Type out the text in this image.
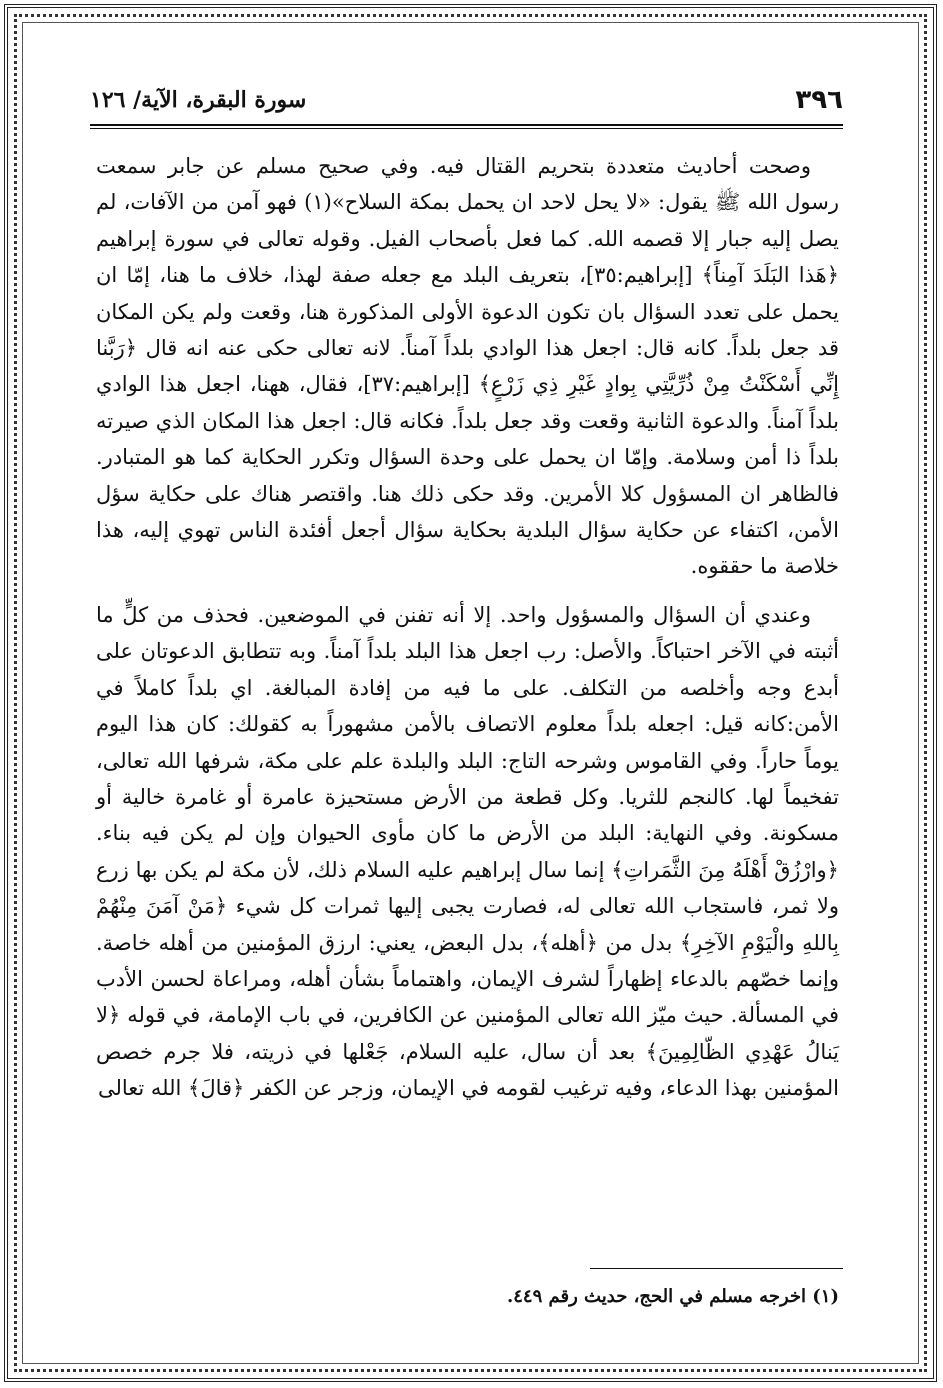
٣٩٦
سورة البقرة، الآية/ ١٢٦

وصحت أحاديث متعددة بتحريم القتال فيه. وفي صحيح مسلم عن جابر سمعت رسول الله ﷺ يقول: «لا يحل لاحد ان يحمل بمكة السلاح»(١) فهو آمن من الآفات، لم يصل إليه جبار إلا قصمه الله. كما فعل بأصحاب الفيل. وقوله تعالى في سورة إبراهيم ﴿هَذا البَلَدَ آمِناً﴾ [إبراهيم:٣٥]، بتعريف البلد مع جعله صفة لهذا، خلاف ما هنا، إمّا ان يحمل على تعدد السؤال بان تكون الدعوة الأولى المذكورة هنا، وقعت ولم يكن المكان قد جعل بلداً. كانه قال: اجعل هذا الوادي بلداً آمناً. لانه تعالى حكى عنه انه قال ﴿رَبَّنا إِنِّي أَسْكَنْتُ مِنْ ذُرِّيَّتِي بِوادٍ غَيْرِ ذِي زَرْعٍ﴾ [إبراهيم:٣٧]، فقال، ههنا، اجعل هذا الوادي بلداً آمناً. والدعوة الثانية وقعت وقد جعل بلداً. فكانه قال: اجعل هذا المكان الذي صيرته بلداً ذا أمن وسلامة. وإمّا ان يحمل على وحدة السؤال وتكرر الحكاية كما هو المتبادر. فالظاهر ان المسؤول كلا الأمرين. وقد حكى ذلك هنا. واقتصر هناك على حكاية سؤل الأمن، اكتفاء عن حكاية سؤال البلدية بحكاية سؤال أجعل أفئدة الناس تهوي إليه، هذا خلاصة ما حققوه.

وعندي أن السؤال والمسؤول واحد. إلا أنه تفنن في الموضعين. فحذف من كلٍّ ما أثبته في الآخر احتباكاً. والأصل: رب اجعل هذا البلد بلداً آمناً. وبه تتطابق الدعوتان على أبدع وجه وأخلصه من التكلف. على ما فيه من إفادة المبالغة. اي بلداً كاملاً في الأمن:كانه قيل: اجعله بلداً معلوم الاتصاف بالأمن مشهوراً به كقولك: كان هذا اليوم يوماً حاراً. وفي القاموس وشرحه التاج: البلد والبلدة علم على مكة، شرفها الله تعالى، تفخيماً لها. كالنجم للثريا. وكل قطعة من الأرض مستحيزة عامرة أو غامرة خالية أو مسكونة. وفي النهاية: البلد من الأرض ما كان مأوى الحيوان وإن لم يكن فيه بناء. ﴿وارْزُقْ أَهْلَهُ مِنَ الثَّمَراتِ﴾ إنما سال إبراهيم عليه السلام ذلك، لأن مكة لم يكن بها زرع ولا ثمر، فاستجاب الله تعالى له، فصارت يجبى إليها ثمرات كل شيء ﴿مَنْ آمَنَ مِنْهُمْ بِاللهِ والْيَوْمِ الآخِرِ﴾ بدل من ﴿أهله﴾، بدل البعض، يعني: ارزق المؤمنين من أهله خاصة. وإنما خصّهم بالدعاء إظهاراً لشرف الإيمان، واهتماماً بشأن أهله، ومراعاة لحسن الأدب في المسألة. حيث ميّز الله تعالى المؤمنين عن الكافرين، في باب الإمامة، في قوله ﴿لا يَنالُ عَهْدِي الظّالِمِينَ﴾ بعد أن سال، عليه السلام، جَعْلها في ذريته، فلا جرم خصص المؤمنين بهذا الدعاء، وفيه ترغيب لقومه في الإيمان، وزجر عن الكفر ﴿قالَ﴾ الله تعالى

(١) اخرجه مسلم في الحج، حديث رقم ٤٤٩.
